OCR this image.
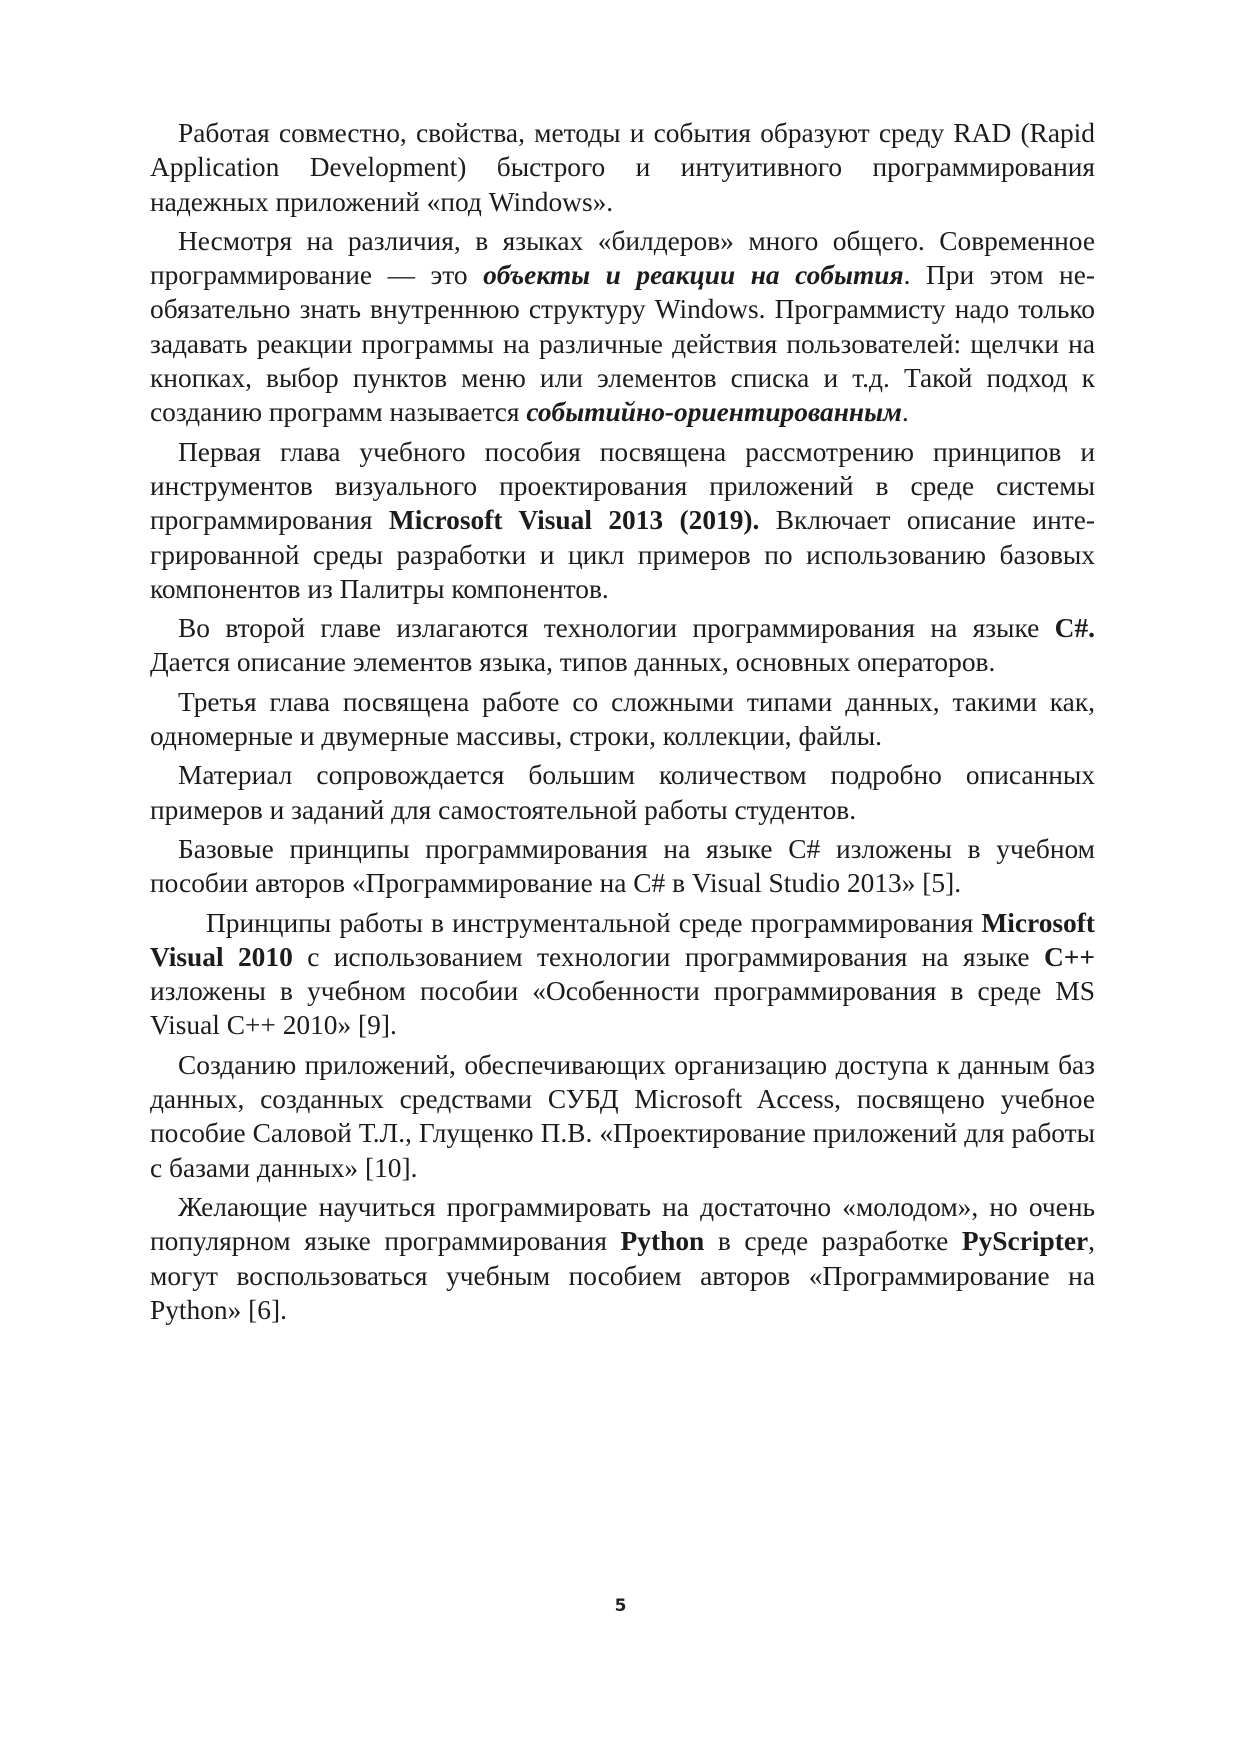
Работая совместно, свойства, методы и события образуют среду RAD (Rapid Application Development) быстрого и интуитивного программирования надежных приложений «под Windows».

Несмотря на различия, в языках «билдеров» много общего. Современное программирование — это объекты и реакции на события. При этом необязательно знать внутреннюю структуру Windows. Программисту надо только задавать реакции программы на различные действия пользователей: щелчки на кнопках, выбор пунктов меню или элементов списка и т.д. Такой подход к созданию программ называется событийно-ориентированным.

Первая глава учебного пособия посвящена рассмотрению принципов и инструментов визуального проектирования приложений в среде системы программирования Microsoft Visual 2013 (2019). Включает описание интегрированной среды разработки и цикл примеров по использованию базовых компонентов из Палитры компонентов.

Во второй главе излагаются технологии программирования на языке C#. Дается описание элементов языка, типов данных, основных операторов.

Третья глава посвящена работе со сложными типами данных, такими как, одномерные и двумерные массивы, строки, коллекции, файлы.

Материал сопровождается большим количеством подробно описанных примеров и заданий для самостоятельной работы студентов.

Базовые принципы программирования на языке C# изложены в учебном пособии авторов «Программирование на C# в Visual Studio 2013» [5].

Принципы работы в инструментальной среде программирования Microsoft Visual 2010 с использованием технологии программирования на языке C++ изложены в учебном пособии «Особенности программирования в среде MS Visual C++ 2010» [9].

Созданию приложений, обеспечивающих организацию доступа к данным баз данных, созданных средствами СУБД Microsoft Access, посвящено учебное пособие Саловой Т.Л., Глущенко П.В. «Проектирование приложений для работы с базами данных» [10].

Желающие научиться программировать на достаточно «молодом», но очень популярном языке программирования Python в среде разработке PyScripter, могут воспользоваться учебным пособием авторов «Программирование на Python» [6].

5
